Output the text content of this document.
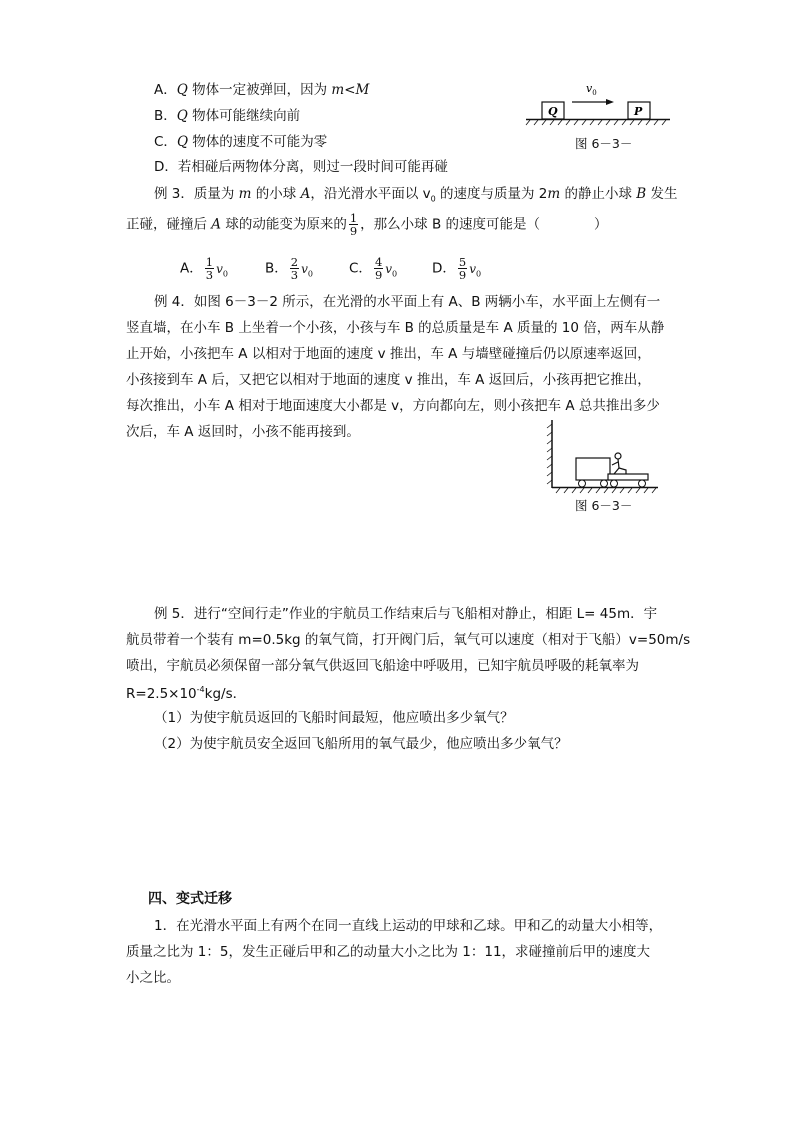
A．Q 物体一定被弹回，因为 m<M
B．Q 物体可能继续向前
C．Q 物体的速度不可能为零
D．若相碰后两物体分离，则过一段时间可能再碰
$v_0$
Q	P
图 6－3－
例 3．质量为 m 的小球 A，沿光滑水平面以 $v_0$ 的速度与质量为 2m 的静止小球 B 发生
正碰，碰撞后 A 球的动能变为原来的 $\frac{1}{9}$ ，那么小球 B 的速度可能是（　　　　）
A． $\frac{1}{3} v_0$	B． $\frac{2}{3} v_0$	C． $\frac{4}{9} v_0$	D． $\frac{5}{9} v_0$
例 4．如图 6－3－2 所示，在光滑的水平面上有 A、B 两辆小车，水平面上左侧有一
竖直墙，在小车 B 上坐着一个小孩，小孩与车 B 的总质量是车 A 质量的 10 倍，两车从静
止开始，小孩把车 A 以相对于地面的速度 v 推出，车 A 与墙壁碰撞后仍以原速率返回，
小孩接到车 A 后，又把它以相对于地面的速度 v 推出，车 A 返回后，小孩再把它推出，
每次推出，小车 A 相对于地面速度大小都是 v，方向都向左，则小孩把车 A 总共推出多少
次后，车 A 返回时，小孩不能再接到。
图 6－3－
例 5．进行“空间行走”作业的宇航员工作结束后与飞船相对静止，相距 L= 45m．宇
航员带着一个装有 m=0.5kg 的氧气筒，打开阀门后，氧气可以速度（相对于飞船）v=50m/s
喷出，宇航员必须保留一部分氧气供返回飞船途中呼吸用，已知宇航员呼吸的耗氧率为
$R=2.5\times 10^{-4}kg/s$．
（1）为使宇航员返回的飞船时间最短，他应喷出多少氧气？
（2）为使宇航员安全返回飞船所用的氧气最少，他应喷出多少氧气？
四、变式迁移
1．在光滑水平面上有两个在同一直线上运动的甲球和乙球。甲和乙的动量大小相等，
质量之比为 1：5，发生正碰后甲和乙的动量大小之比为 1：11，求碰撞前后甲的速度大
小之比。
